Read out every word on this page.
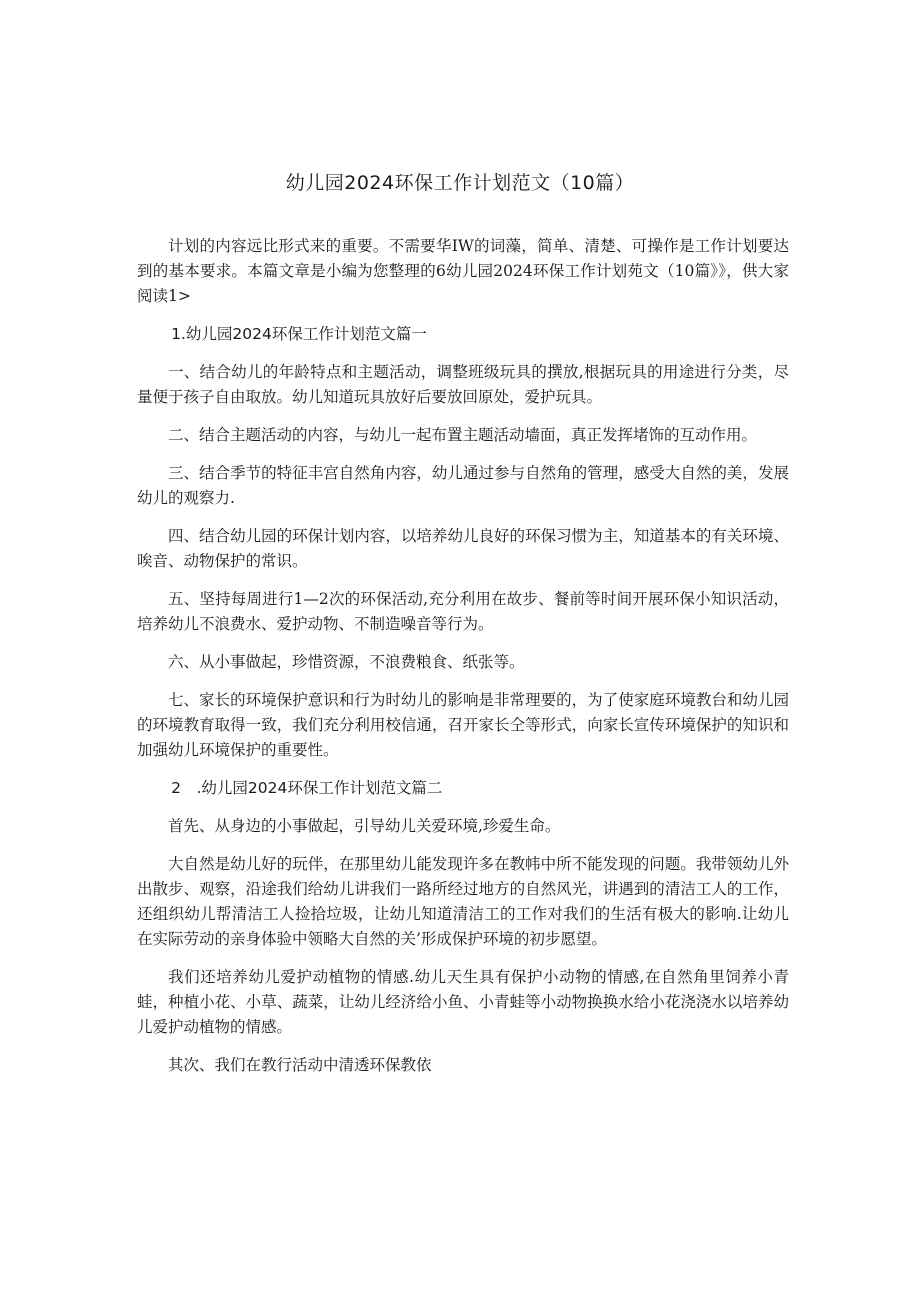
幼儿园2024环保工作计划范文（10篇）

计划的内容远比形式来的重要。不需要华IW的词藻，简单、清楚、可操作是工作计划要达到的基本要求。本篇文章是小编为您整理的6幼儿园2024环保工作计划苑文（10篇》》，供大家阅读1>

1.幼儿园2024环保工作计划范文篇一

一、结合幼儿的年龄特点和主题活动，调整班级玩具的撰放,根据玩具的用途进行分类，尽量便于孩子自由取放。幼儿知道玩具放好后要放回原处，爱护玩具。

二、结合主题活动的内容，与幼儿一起布置主题活动墙面，真正发挥堵饰的互动作用。

三、结合季节的特征丰宫自然角内容，幼儿通过参与自然角的管理，感受大自然的美，发展幼儿的观察力.

四、结合幼儿园的环保计划内容，以培养幼儿良好的环保习惯为主，知道基本的有关环境、唉音、动物保护的常识。

五、坚持每周进行1—2次的环保活动,充分利用在故步、餐前等时间开展环保小知识活动，培养幼儿不浪费水、爱护动物、不制造噪音等行为。

六、从小事做起，珍惜资源，不浪费粮食、纸张等。

七、家长的环境保护意识和行为时幼儿的影响是非常理要的，为了使家庭环境教台和幼儿园的环境教育取得一致，我们充分利用校信通，召开家长仝等形式，向家长宣传环境保护的知识和加强幼儿环境保护的重要性。

2　.幼儿园2024环保工作计划范文篇二

首先、从身边的小事做起，引导幼儿关爱环境,珍爱生命。

大自然是幼儿好的玩伴，在那里幼儿能发现许多在教帏中所不能发现的问题。我带领幼儿外出散步、观察，沿途我们给幼儿讲我们一路所经过地方的自然风光，讲遇到的清洁工人的工作，还组织幼儿帮清洁工人捡拾垃圾，让幼儿知道清洁工的工作对我们的生活有极大的影响.让幼儿在实际劳动的亲身体验中领略大自然的关’形成保护环境的初步愿望。

我们还培养幼儿爱护动植物的情感.幼儿天生具有保护小动物的情感,在自然角里饲养小青蛙，种植小花、小草、蔬菜，让幼儿经济给小鱼、小青蛙等小动物换换水给小花浇浇水以培养幼儿爱护动植物的情感。

其次、我们在教行活动中清透环保教依
